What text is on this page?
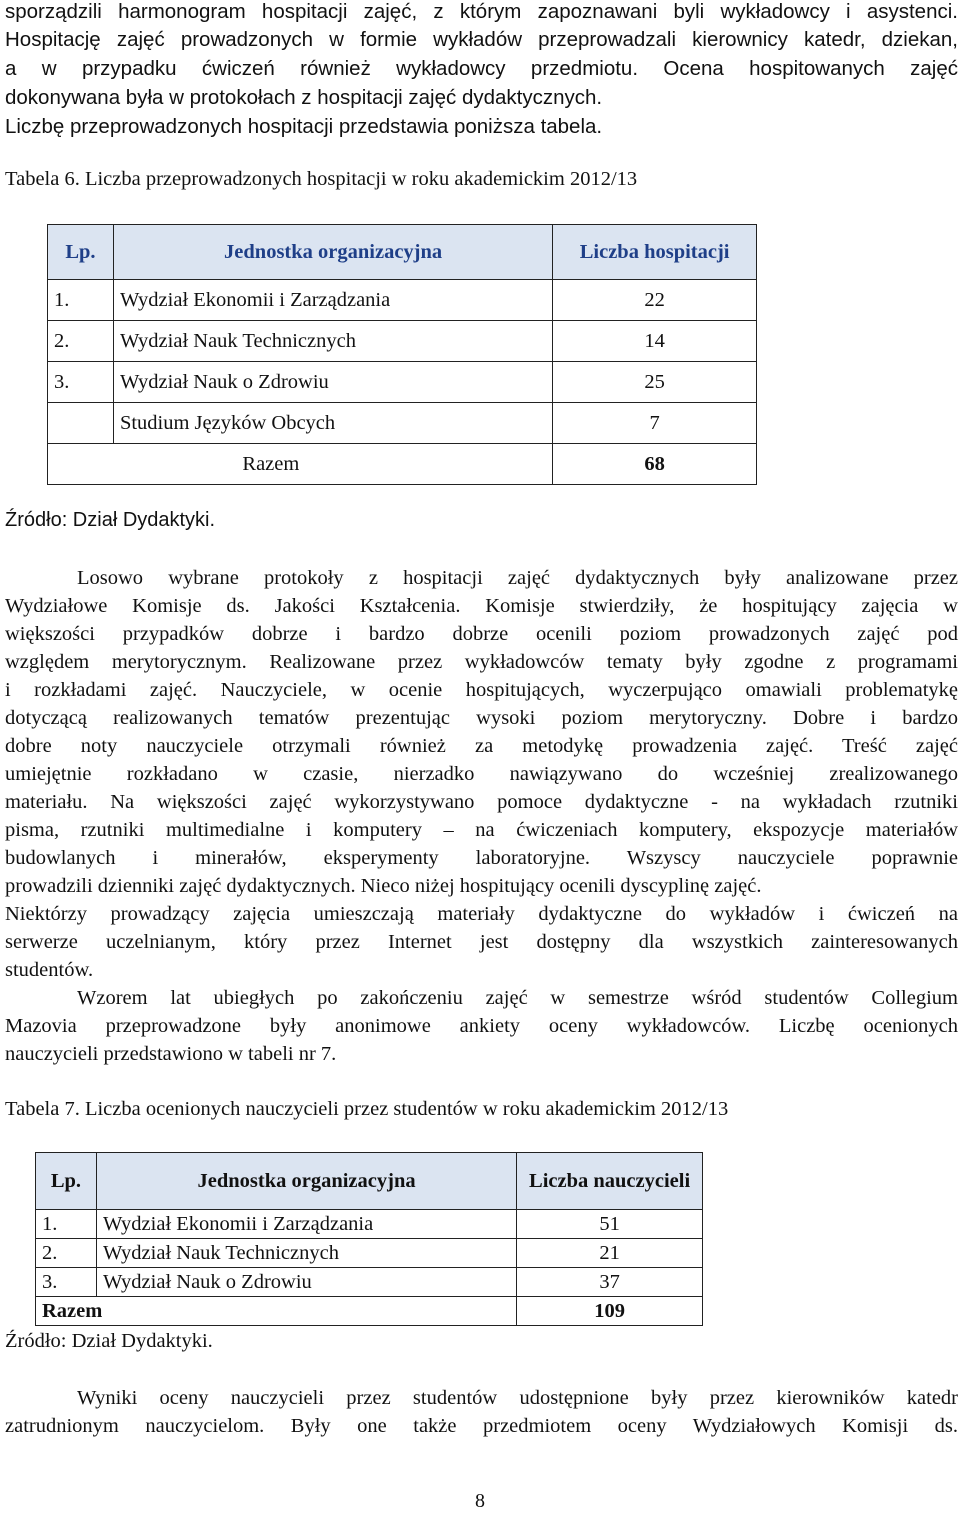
sporządzili harmonogram hospitacji zajęć, z którym zapoznawani byli wykładowcy i asystenci.
Hospitację zajęć prowadzonych w formie wykładów przeprowadzali kierownicy katedr, dziekan,
a w przypadku ćwiczeń również wykładowcy przedmiotu. Ocena hospitowanych zajęć
dokonywana była w protokołach z hospitacji zajęć dydaktycznych.
Liczbę przeprowadzonych hospitacji przedstawia poniższa tabela.
Tabela 6. Liczba przeprowadzonych hospitacji w roku akademickim 2012/13
Lp.	Jednostka organizacyjna	Liczba hospitacji
1.	Wydział Ekonomii i Zarządzania	22
2.	Wydział Nauk Technicznych	14
3.	Wydział Nauk o Zdrowiu	25
	Studium Języków Obcych	7
	Razem	68
Źródło: Dział Dydaktyki.
Losowo wybrane protokoły z hospitacji zajęć dydaktycznych były analizowane przez
Wydziałowe Komisje ds. Jakości Kształcenia. Komisje stwierdziły, że hospitujący zajęcia w
większości przypadków dobrze i bardzo dobrze ocenili poziom prowadzonych zajęć pod
względem merytorycznym. Realizowane przez wykładowców tematy były zgodne z programami
i rozkładami zajęć. Nauczyciele, w ocenie hospitujących, wyczerpująco omawiali problematykę
dotyczącą realizowanych tematów prezentując wysoki poziom merytoryczny. Dobre i bardzo
dobre noty nauczyciele otrzymali również za metodykę prowadzenia zajęć. Treść zajęć
umiejętnie rozkładano w czasie, nierzadko nawiązywano do wcześniej zrealizowanego
materiału. Na większości zajęć wykorzystywano pomoce dydaktyczne - na wykładach rzutniki
pisma, rzutniki multimedialne i komputery – na ćwiczeniach komputery, ekspozycje materiałów
budowlanych i minerałów, eksperymenty laboratoryjne. Wszyscy nauczyciele poprawnie
prowadzili dzienniki zajęć dydaktycznych. Nieco niżej hospitujący ocenili dyscyplinę zajęć.
Niektórzy prowadzący zajęcia umieszczają materiały dydaktyczne do wykładów i ćwiczeń na
serwerze uczelnianym, który przez Internet jest dostępny dla wszystkich zainteresowanych
studentów.
Wzorem lat ubiegłych po zakończeniu zajęć w semestrze wśród studentów Collegium
Mazovia przeprowadzone były anonimowe ankiety oceny wykładowców. Liczbę ocenionych
nauczycieli przedstawiono w tabeli nr 7.
Tabela 7. Liczba ocenionych nauczycieli przez studentów w roku akademickim 2012/13
Lp.	Jednostka organizacyjna	Liczba nauczycieli
1.	Wydział Ekonomii i Zarządzania	51
2.	Wydział Nauk Technicznych	21
3.	Wydział Nauk o Zdrowiu	37
Razem		109
Źródło: Dział Dydaktyki.
Wyniki oceny nauczycieli przez studentów udostępnione były przez kierowników katedr
zatrudnionym nauczycielom. Były one także przedmiotem oceny Wydziałowych Komisji ds.
8
